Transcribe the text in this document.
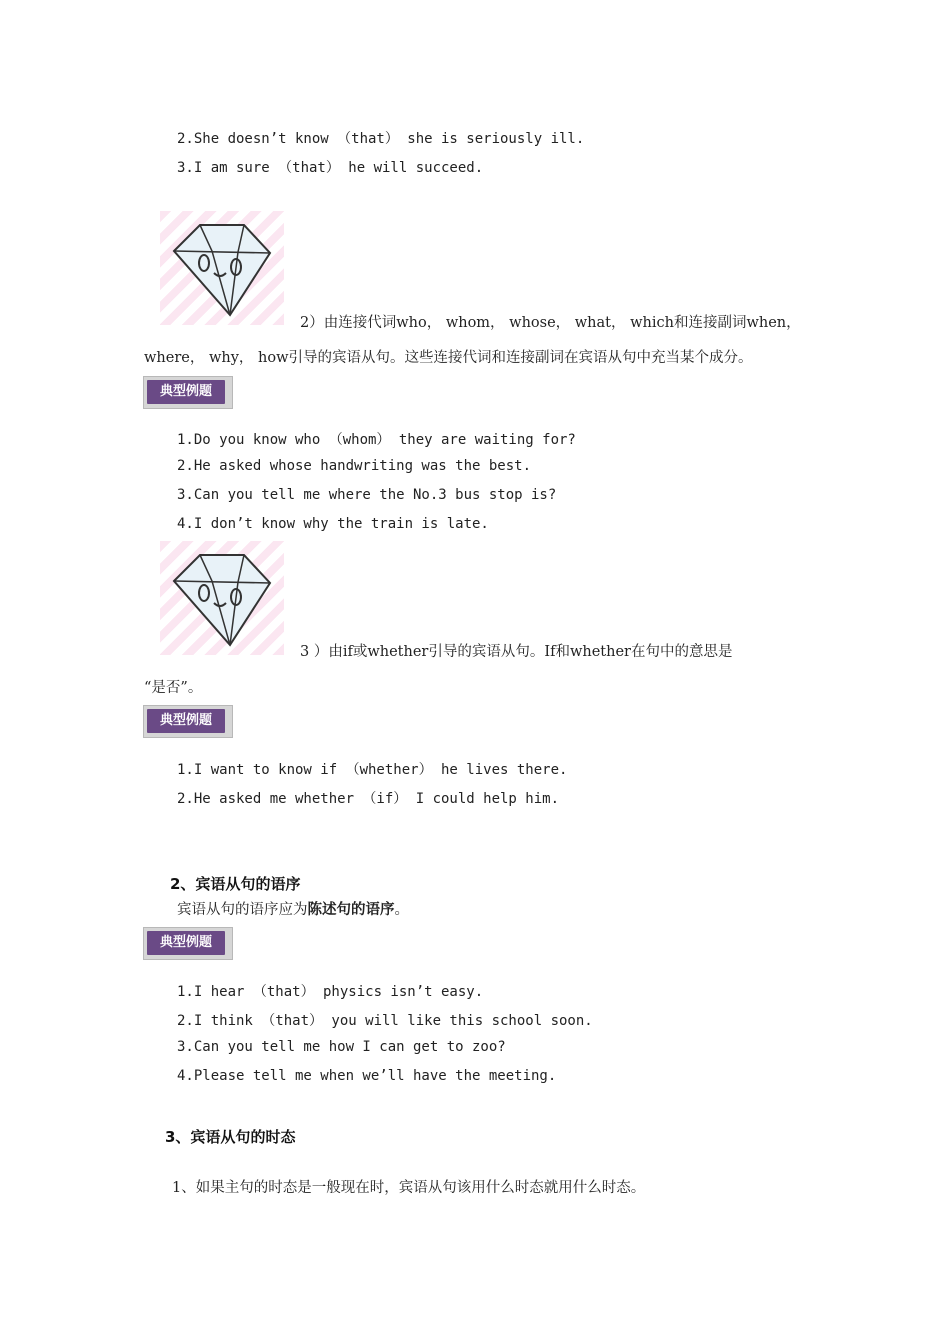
2.She doesn’t know （that） she is seriously ill.
3.I am sure （that） he will succeed.
2）由连接代词who， whom， whose， what， which和连接副词when，
where， why， how引导的宾语从句。这些连接代词和连接副词在宾语从句中充当某个成分。
典型例题
1.Do you know who （whom） they are waiting for?
2.He asked whose handwriting was the best.
3.Can you tell me where the No.3 bus stop is?
4.I don’t know why the train is late.
3 ）由if或whether引导的宾语从句。If和whether在句中的意思是
“是否”。
典型例题
1.I want to know if （whether） he lives there.
2.He asked me whether （if） I could help him.
2、宾语从句的语序
宾语从句的语序应为陈述句的语序。
典型例题
1.I hear （that） physics isn’t easy.
2.I think （that） you will like this school soon.
3.Can you tell me how I can get to zoo?
4.Please tell me when we’ll have the meeting.
3、宾语从句的时态
1、如果主句的时态是一般现在时，宾语从句该用什么时态就用什么时态。
